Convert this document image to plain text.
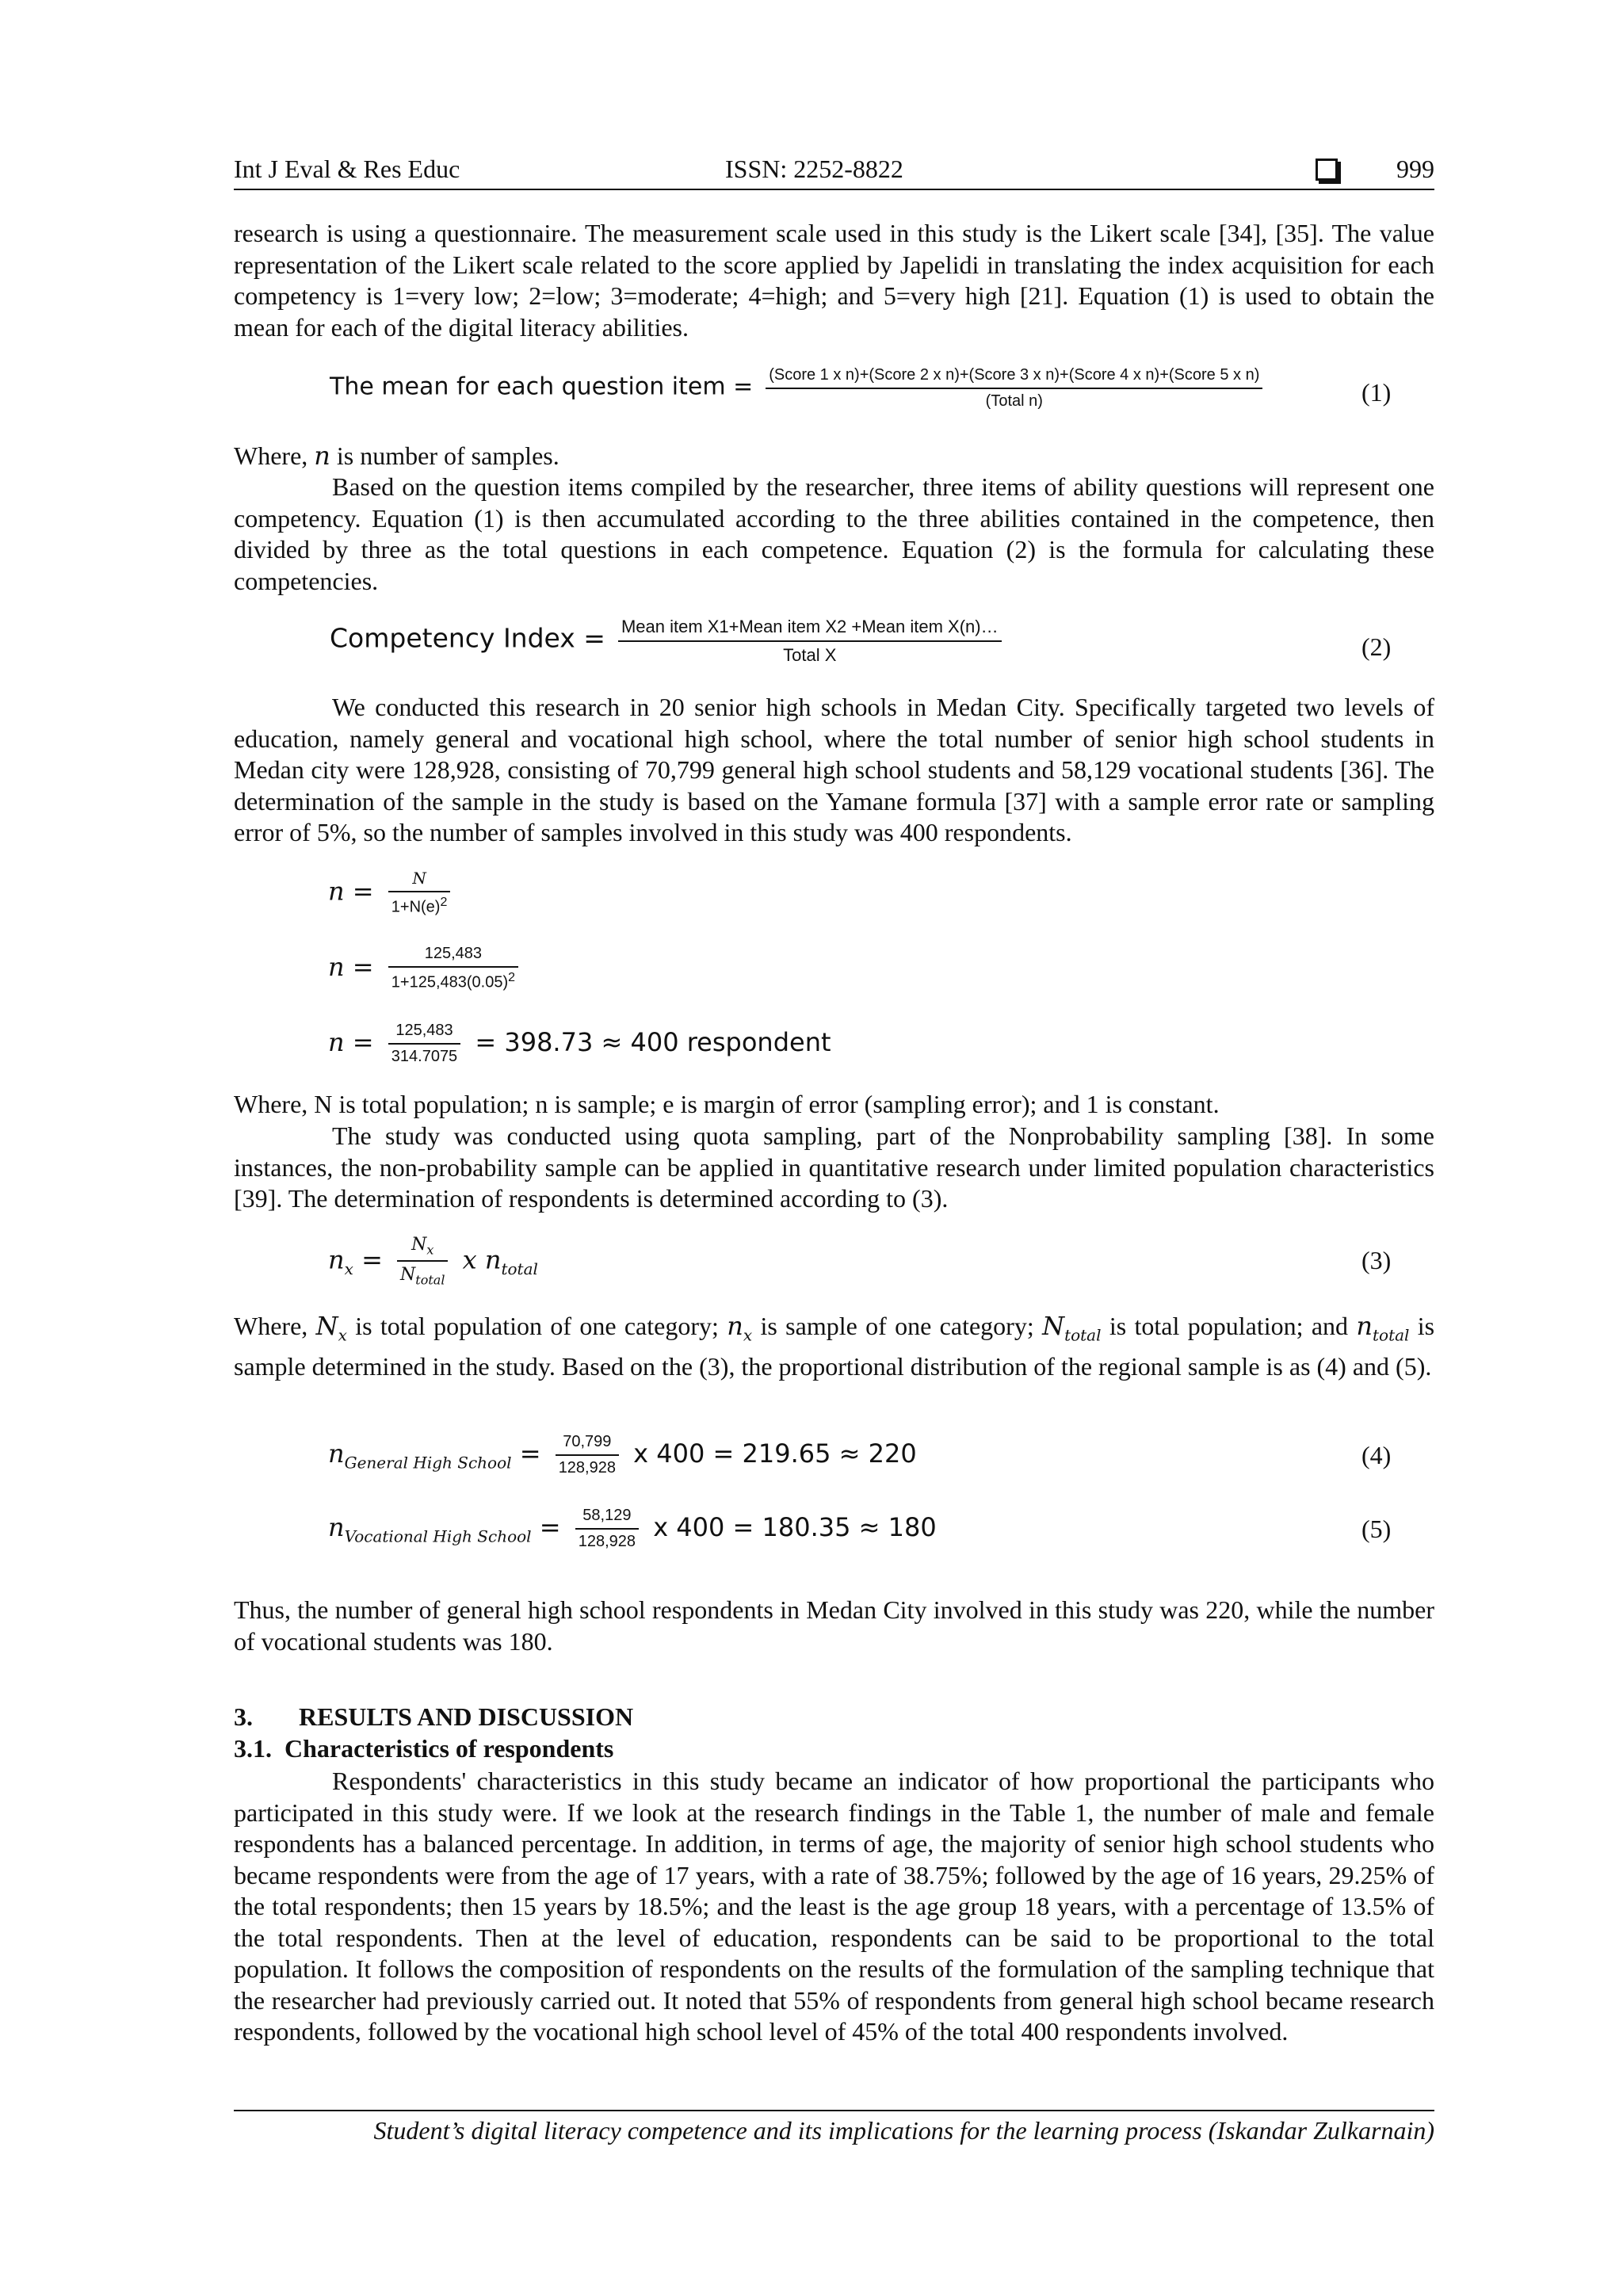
Int J Eval & Res Educ	ISSN: 2252-8822	999

research is using a questionnaire. The measurement scale used in this study is the Likert scale [34], [35]. The value representation of the Likert scale related to the score applied by Japelidi in translating the index acquisition for each competency is 1=very low; 2=low; 3=moderate; 4=high; and 5=very high [21]. Equation (1) is used to obtain the mean for each of the digital literacy abilities.

The mean for each question item = (Score 1 x n)+(Score 2 x n)+(Score 3 x n)+(Score 4 x n)+(Score 5 x n)
(Total n)	(1)

Where, n is number of samples.

Based on the question items compiled by the researcher, three items of ability questions will represent one competency. Equation (1) is then accumulated according to the three abilities contained in the competence, then divided by three as the total questions in each competence. Equation (2) is the formula for calculating these competencies.

Competency Index = $\frac{\text{Mean item X1+Mean item X2 +Mean item X(n)…}}{\text{Total X}}$	(2)

We conducted this research in 20 senior high schools in Medan City. Specifically targeted two levels of education, namely general and vocational high school, where the total number of senior high school students in Medan city were 128,928, consisting of 70,799 general high school students and 58,129 vocational students [36]. The determination of the sample in the study is based on the Yamane formula [37] with a sample error rate or sampling error of 5%, so the number of samples involved in this study was 400 respondents.

$n = \frac{N}{1+N(e)^2}$
$n = \frac{125,483}{1+125,483(0.05)^2}$
$n = \frac{125,483}{314.7075} = 398.73 \approx 400$ respondent

Where, N is total population; n is sample; e is margin of error (sampling error); and 1 is constant.

The study was conducted using quota sampling, part of the Nonprobability sampling [38]. In some instances, the non-probability sample can be applied in quantitative research under limited population characteristics [39]. The determination of respondents is determined according to (3).

$n_x = \frac{N_x}{N_{total}}$ x $n_{total}$	(3)

Where, $N_x$ is total population of one category; $n_x$ is sample of one category; $N_{total}$ is total population; and $n_{total}$ is sample determined in the study. Based on the (3), the proportional distribution of the regional sample is as (4) and (5).

$n_{General High School} = \frac{70,799}{128,928}$ x 400 = 219.65 ≈ 220	(4)
$n_{Vocational High School} = \frac{58,129}{128,928}$ x 400 = 180.35 ≈ 180	(5)

Thus, the number of general high school respondents in Medan City involved in this study was 220, while the number of vocational students was 180.

3. RESULTS AND DISCUSSION
3.1. Characteristics of respondents

Respondents' characteristics in this study became an indicator of how proportional the participants who participated in this study were. If we look at the research findings in the Table 1, the number of male and female respondents has a balanced percentage. In addition, in terms of age, the majority of senior high school students who became respondents were from the age of 17 years, with a rate of 38.75%; followed by the age of 16 years, 29.25% of the total respondents; then 15 years by 18.5%; and the least is the age group 18 years, with a percentage of 13.5% of the total respondents. Then at the level of education, respondents can be said to be proportional to the total population. It follows the composition of respondents on the results of the formulation of the sampling technique that the researcher had previously carried out. It noted that 55% of respondents from general high school became research respondents, followed by the vocational high school level of 45% of the total 400 respondents involved.

Student’s digital literacy competence and its implications for the learning process (Iskandar Zulkarnain)
